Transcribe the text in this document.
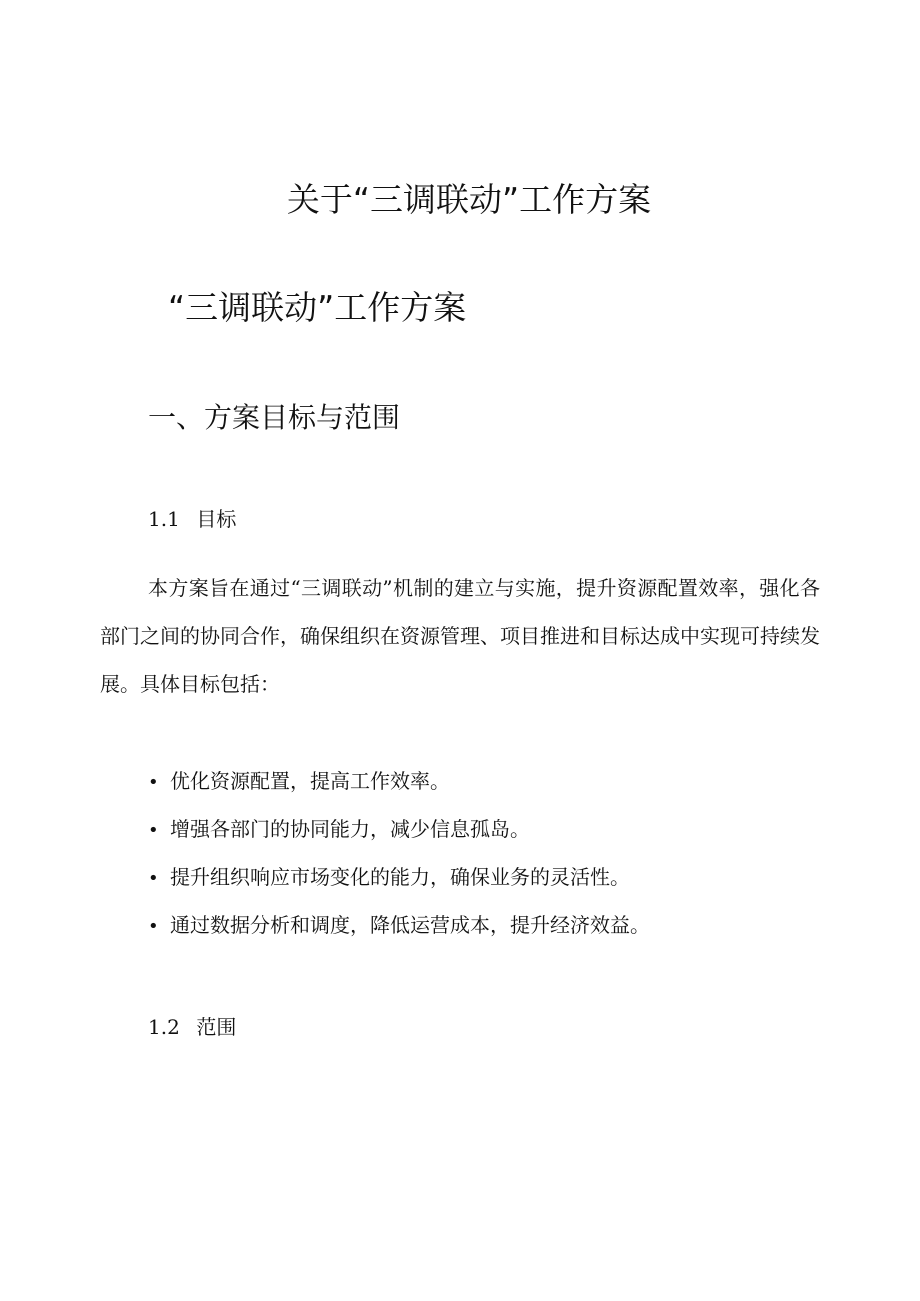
关于“三调联动”工作方案
“三调联动”工作方案
一、方案目标与范围
1.1 目标

本方案旨在通过“三调联动”机制的建立与实施，提升资源配置效率，强化各部门之间的协同合作，确保组织在资源管理、项目推进和目标达成中实现可持续发展。具体目标包括：

• 优化资源配置，提高工作效率。
• 增强各部门的协同能力，减少信息孤岛。
• 提升组织响应市场变化的能力，确保业务的灵活性。
• 通过数据分析和调度，降低运营成本，提升经济效益。
1.2 范围
